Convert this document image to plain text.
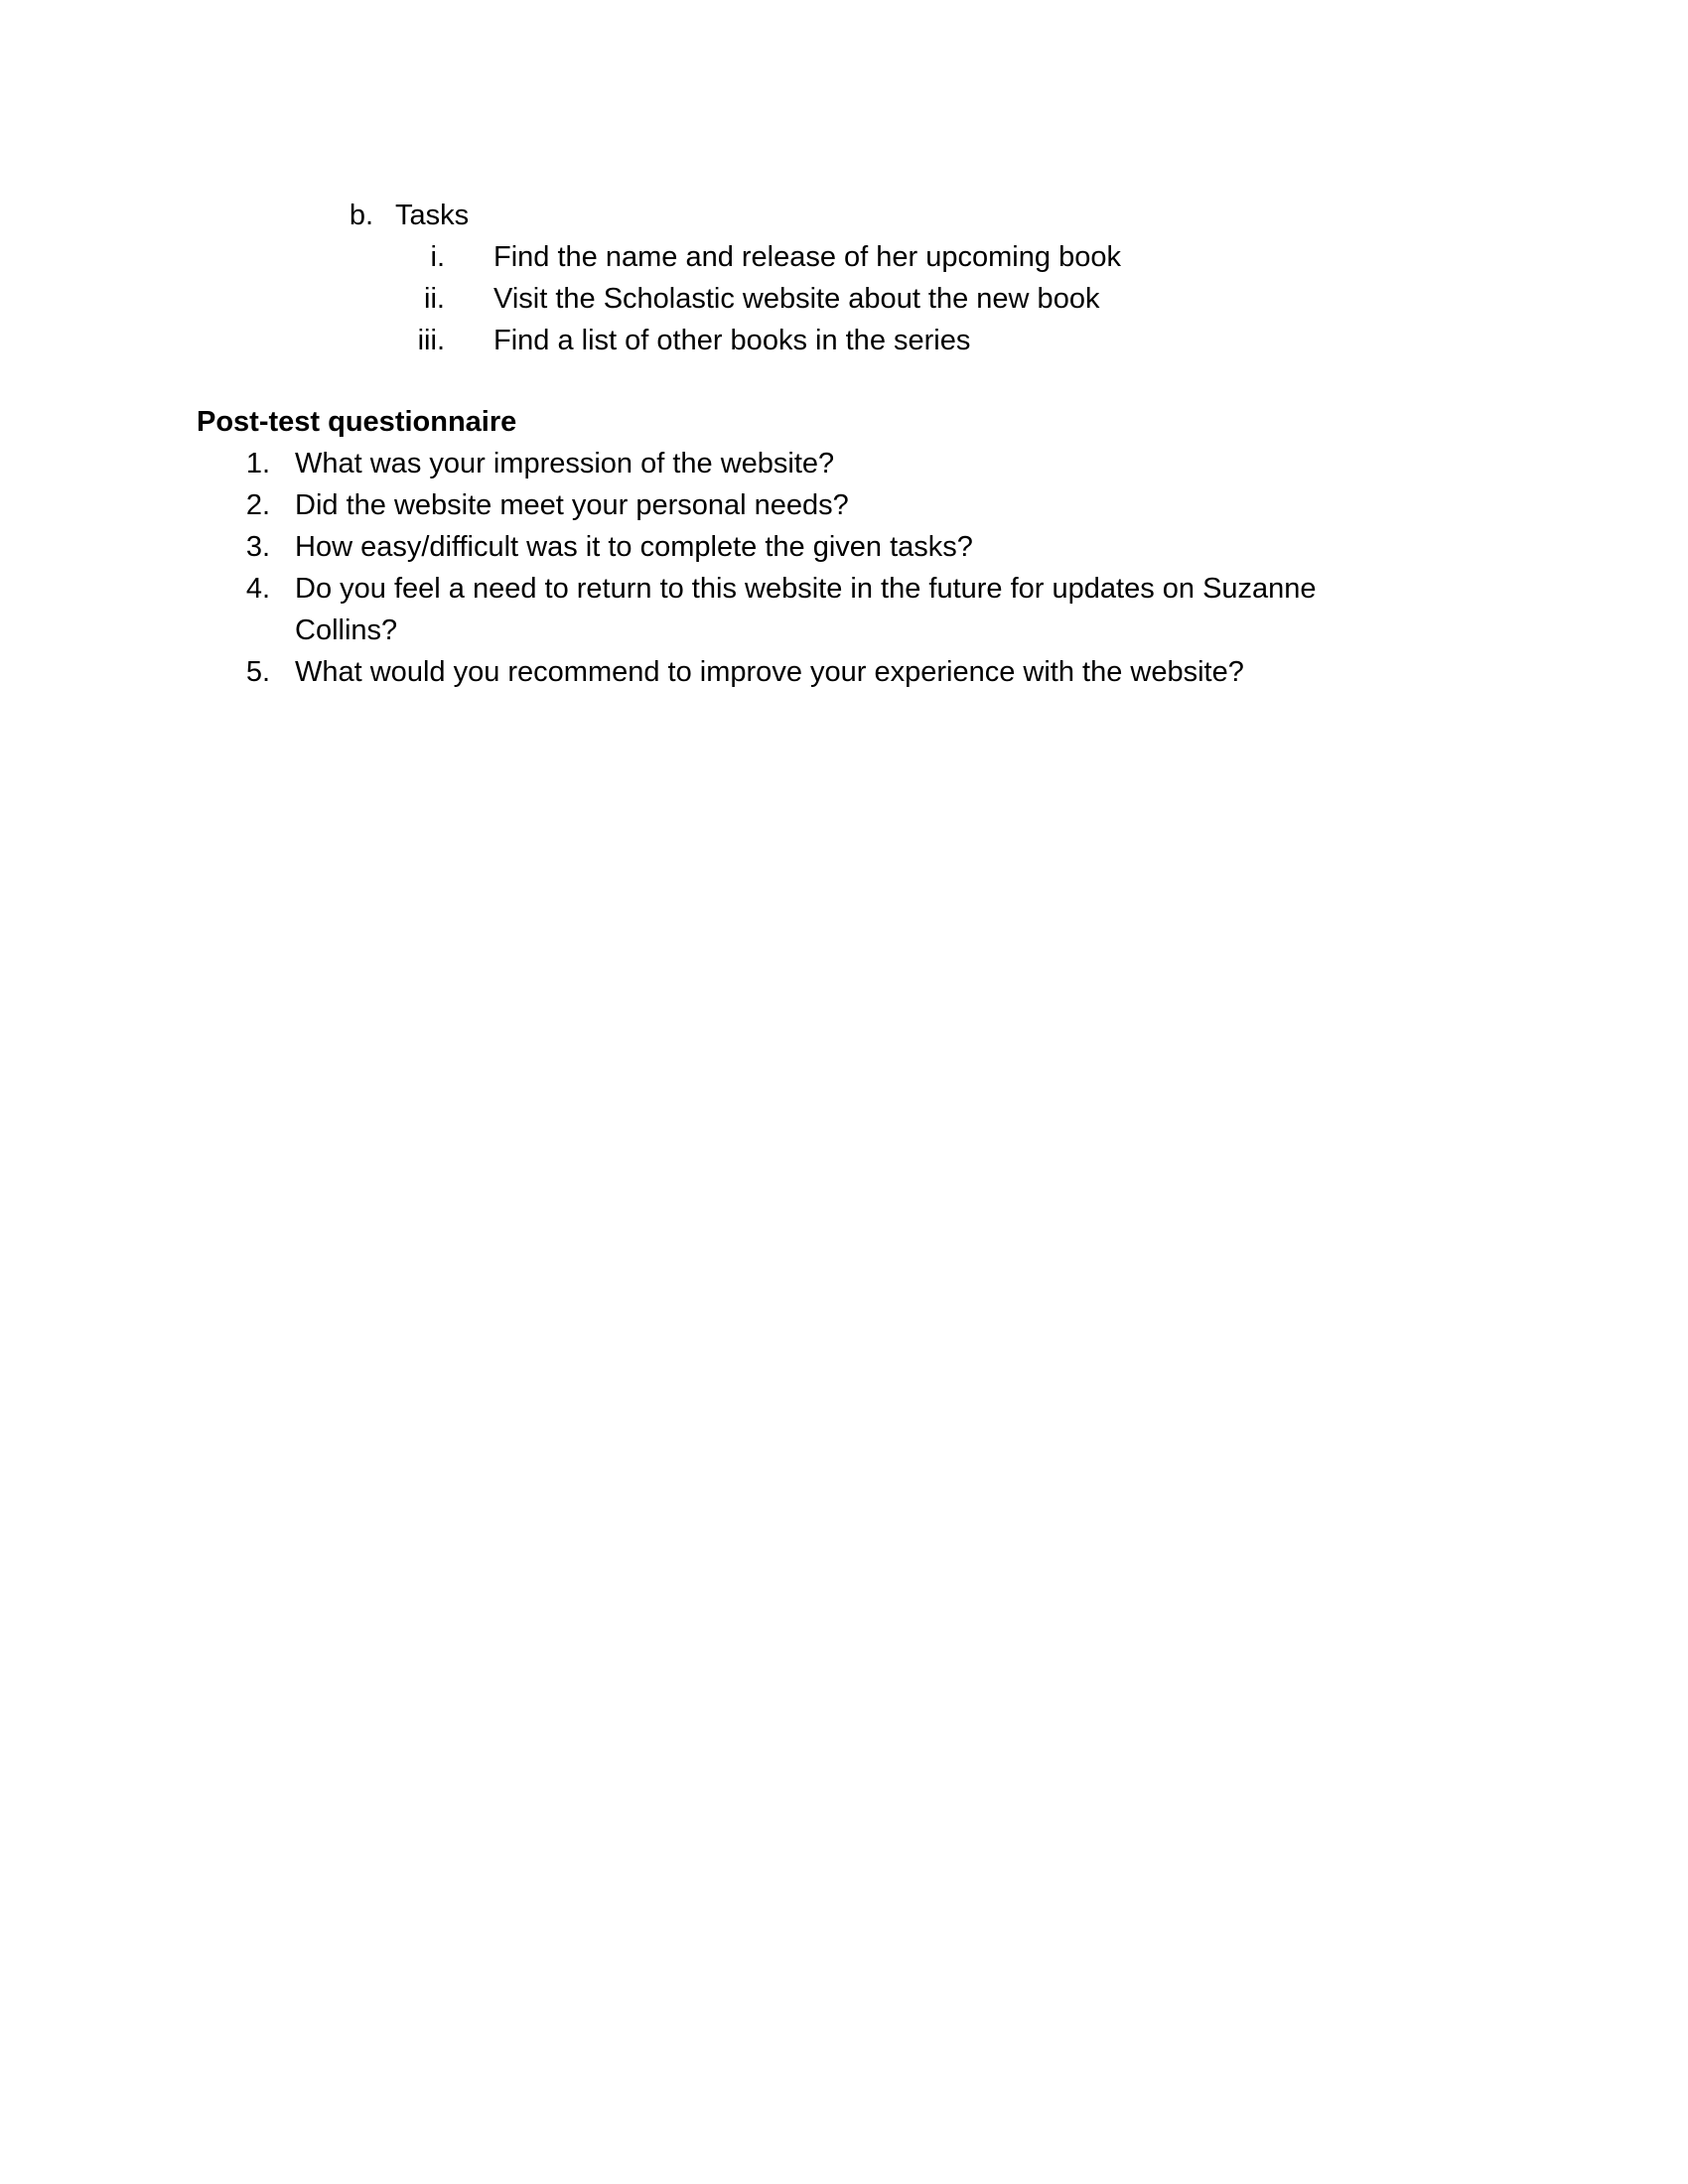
b. Tasks
i. Find the name and release of her upcoming book
ii. Visit the Scholastic website about the new book
iii. Find a list of other books in the series
Post-test questionnaire
1. What was your impression of the website?
2. Did the website meet your personal needs?
3. How easy/difficult was it to complete the given tasks?
4. Do you feel a need to return to this website in the future for updates on Suzanne
Collins?
5. What would you recommend to improve your experience with the website?
